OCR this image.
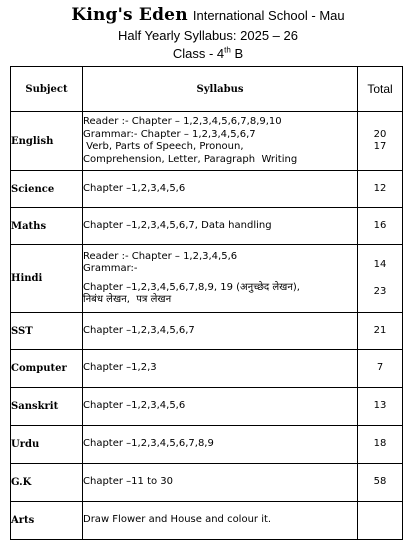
King's Eden International School - Mau
Half Yearly Syllabus: 2025 – 26
Class - 4th B
Subject	Syllabus	Total
English	Reader :- Chapter – 1,2,3,4,5,6,7,8,9,10
Grammar:- Chapter – 1,2,3,4,5,6,7
Verb, Parts of Speech, Pronoun,
Comprehension, Letter, Paragraph  Writing	20
17

Science	Chapter –1,2,3,4,5,6	12

Maths	Chapter –1,2,3,4,5,6,7, Data handling	16

Hindi	Reader :- Chapter – 1,2,3,4,5,6
Grammar:-
Chapter –1,2,3,4,5,6,7,8,9, 19 (अनुच्छेद लेखन),
निबंध लेखन,  पत्र लेखन	14
23

SST	Chapter –1,2,3,4,5,6,7	21

Computer	Chapter –1,2,3	7

Sanskrit	Chapter –1,2,3,4,5,6	13

Urdu	Chapter –1,2,3,4,5,6,7,8,9	18

G.K	Chapter –11 to 30	58

Arts	Draw Flower and House and colour it.	
